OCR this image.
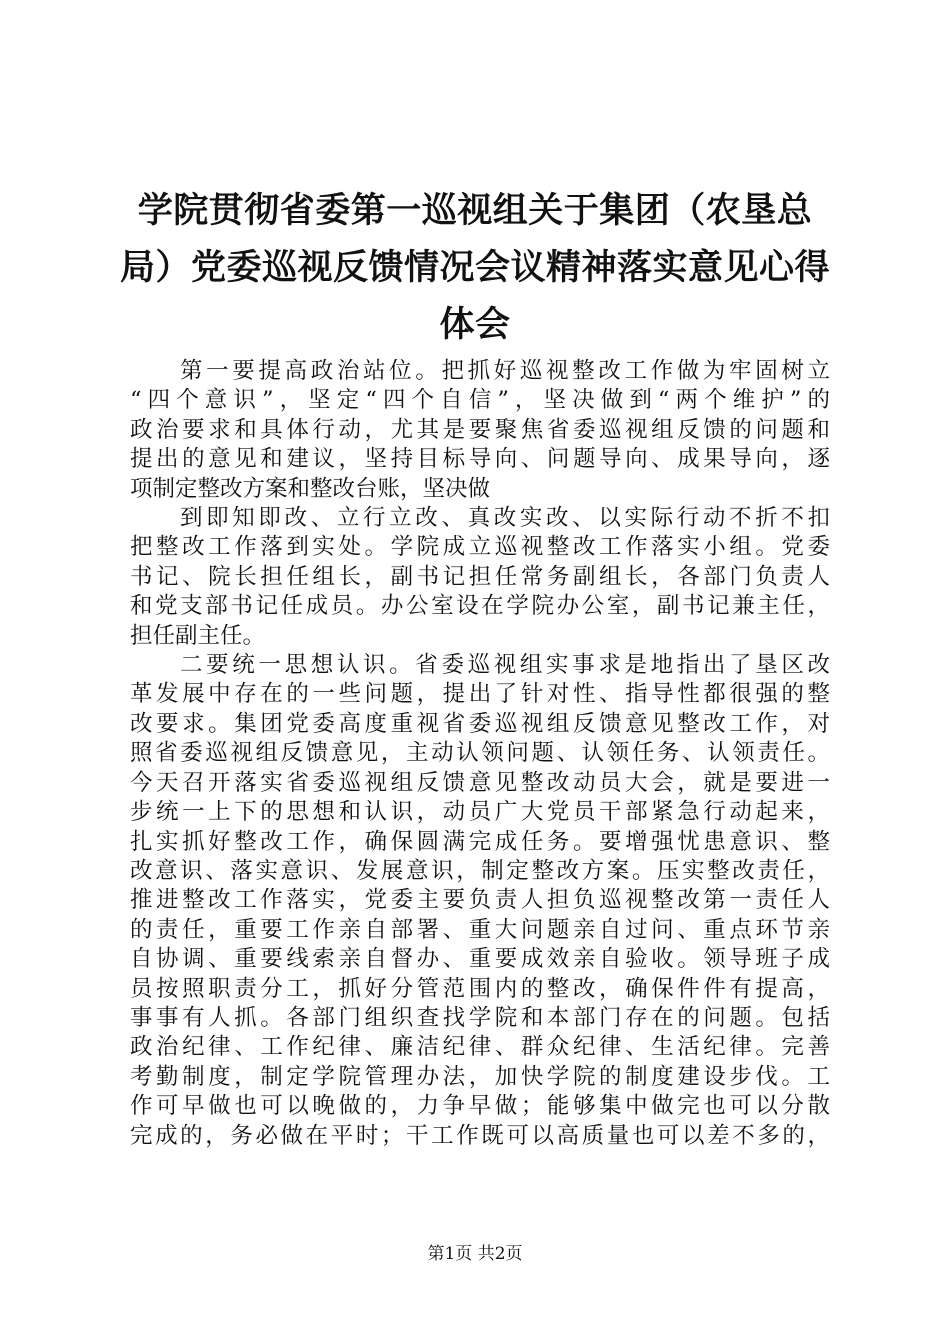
学院贯彻省委第一巡视组关于集团（农垦总
局）党委巡视反馈情况会议精神落实意见心得
体会

第一要提高政治站位。把抓好巡视整改工作做为牢固树立
“四个意识”，坚定“四个自信”，坚决做到“两个维护”的
政治要求和具体行动，尤其是要聚焦省委巡视组反馈的问题和
提出的意见和建议，坚持目标导向、问题导向、成果导向，逐
项制定整改方案和整改台账，坚决做

到即知即改、立行立改、真改实改、以实际行动不折不扣
把整改工作落到实处。学院成立巡视整改工作落实小组。党委
书记、院长担任组长，副书记担任常务副组长，各部门负责人
和党支部书记任成员。办公室设在学院办公室，副书记兼主任，
担任副主任。

二要统一思想认识。省委巡视组实事求是地指出了垦区改
革发展中存在的一些问题，提出了针对性、指导性都很强的整
改要求。集团党委高度重视省委巡视组反馈意见整改工作，对
照省委巡视组反馈意见，主动认领问题、认领任务、认领责任。
今天召开落实省委巡视组反馈意见整改动员大会，就是要进一
步统一上下的思想和认识，动员广大党员干部紧急行动起来，
扎实抓好整改工作，确保圆满完成任务。要增强忧患意识、整
改意识、落实意识、发展意识，制定整改方案。压实整改责任，
推进整改工作落实，党委主要负责人担负巡视整改第一责任人
的责任，重要工作亲自部署、重大问题亲自过问、重点环节亲
自协调、重要线索亲自督办、重要成效亲自验收。领导班子成
员按照职责分工，抓好分管范围内的整改，确保件件有提高，
事事有人抓。各部门组织查找学院和本部门存在的问题。包括
政治纪律、工作纪律、廉洁纪律、群众纪律、生活纪律。完善
考勤制度，制定学院管理办法，加快学院的制度建设步伐。工
作可早做也可以晚做的，力争早做；能够集中做完也可以分散
完成的，务必做在平时；干工作既可以高质量也可以差不多的，

第1页 共2页
